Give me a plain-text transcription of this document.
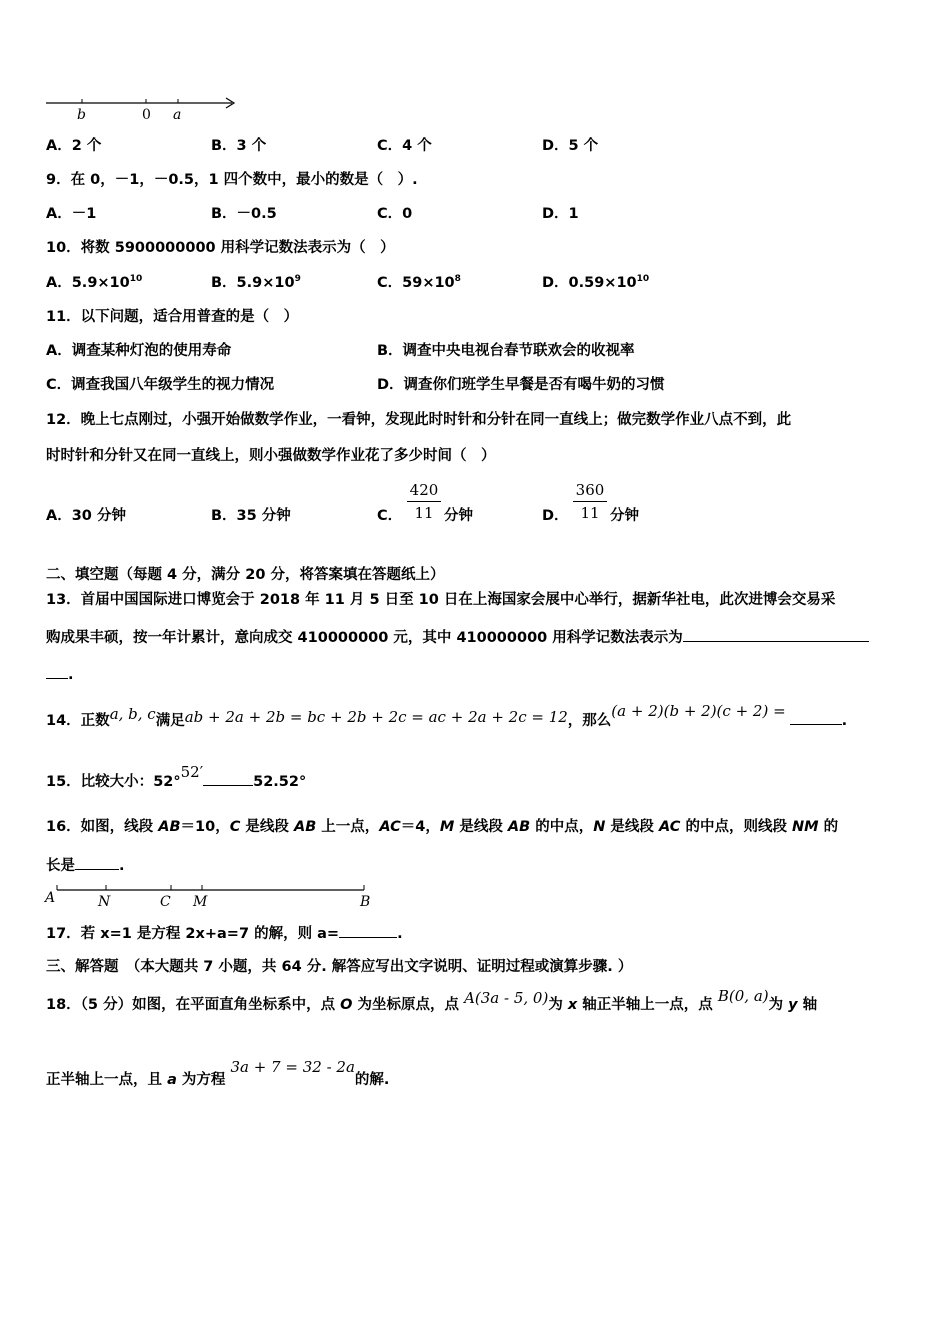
b	0 a
A．2 个	B．3 个	C．4 个	D．5 个
9．在 0，－1，－0.5，1 四个数中，最小的数是（　）.
A．－1	B．－0.5	C．0	D．1
10．将数 5900000000 用科学记数法表示为（　）
A．$5.9\times 10^{10}$	B．$5.9\times 10^9$	C．$59\times 10^8$	D．$0.59\times 10^{10}$
11．以下问题，适合用普查的是（　）
A．调查某种灯泡的使用寿命	B．调查中央电视台春节联欢会的收视率
C．调查我国八年级学生的视力情况	D．调查你们班学生早餐是否有喝牛奶的习惯
12．晚上七点刚过，小强开始做数学作业，一看钟，发现此时时针和分针在同一直线上；做完数学作业八点不到，此
时时针和分针又在同一直线上，则小强做数学作业花了多少时间（　）
A．30 分钟	B．35 分钟	C． $\frac{420}{11}$ 分钟	D． $\frac{360}{11}$ 分钟
二、填空题（每题 4 分，满分 20 分，将答案填在答题纸上）
13．首届中国国际进口博览会于 2018 年 11 月 5 日至 10 日在上海国家会展中心举行，据新华社电，此次进博会交易采
购成果丰硕，按一年计累计，意向成交 410000000 元，其中 410000000 用科学记数法表示为
.
14．正数a, b, c满足ab + 2a + 2b = bc + 2b + 2c = ac + 2a + 2c = 12，那么(a + 2)(b + 2)(c + 2) =.
15．比较大小：52°52′52.52°
16．如图，线段 AB＝10，C 是线段 AB 上一点，AC＝4，M 是线段 AB 的中点，N 是线段 AC 的中点，则线段 NM 的
长是	.
A	N	C M	B
17．若 x=1 是方程 2x+a=7 的解，则 a=	.
三、解答题　（本大题共 7 小题，共 64 分. 解答应写出文字说明、证明过程或演算步骤. ）
18．（5 分）如图，在平面直角坐标系中，点 O 为坐标原点，点 A(3a - 5, 0)为 x 轴正半轴上一点，点 B(0, a)为 y 轴
正半轴上一点，且 a 为方程 3a + 7 = 32 - 2a的解.
